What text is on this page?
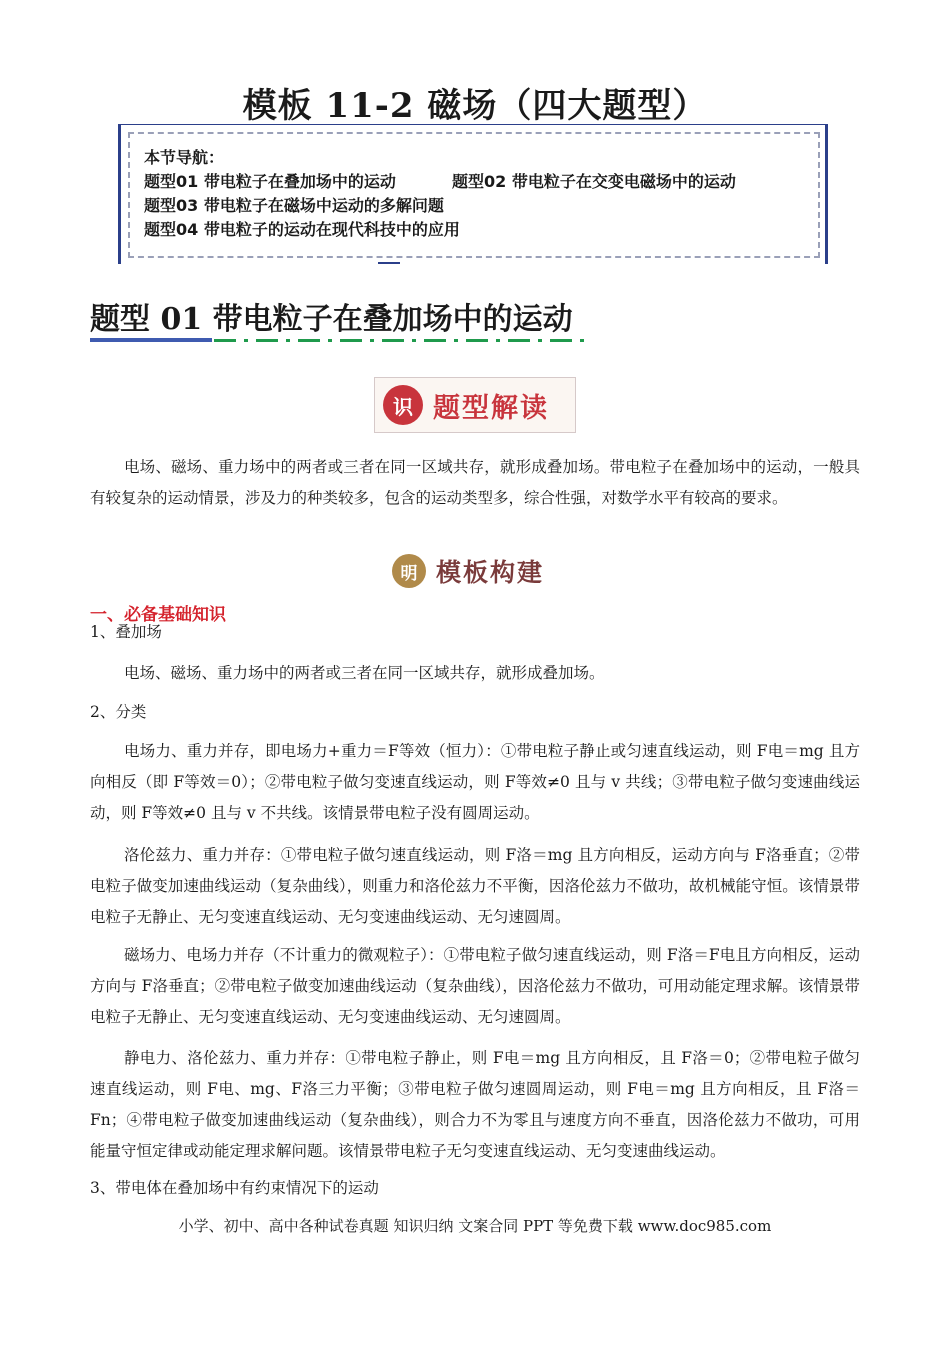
模板 11-2 磁场（四大题型）
本节导航：
题型01 带电粒子在叠加场中的运动	题型02 带电粒子在交变电磁场中的运动
题型03 带电粒子在磁场中运动的多解问题
题型04 带电粒子的运动在现代科技中的应用
题型 01 带电粒子在叠加场中的运动
识 题型解读

电场、磁场、重力场中的两者或三者在同一区域共存，就形成叠加场。带电粒子在叠加场中的运动，一般具有较复杂的运动情景，涉及力的种类较多，包含的运动类型多，综合性强，对数学水平有较高的要求。

明 模板构建
一、必备基础知识

1、叠加场

电场、磁场、重力场中的两者或三者在同一区域共存，就形成叠加场。

2、分类

电场力、重力并存，即电场力+重力＝F等效（恒力）：①带电粒子静止或匀速直线运动，则 F电＝mg 且方向相反（即 F等效＝0）；②带电粒子做匀变速直线运动，则 F等效≠0 且与 v 共线；③带电粒子做匀变速曲线运动，则 F等效≠0 且与 v 不共线。该情景带电粒子没有圆周运动。

洛伦兹力、重力并存：①带电粒子做匀速直线运动，则 F洛＝mg 且方向相反，运动方向与 F洛垂直；②带电粒子做变加速曲线运动（复杂曲线），则重力和洛伦兹力不平衡，因洛伦兹力不做功，故机械能守恒。该情景带电粒子无静止、无匀变速直线运动、无匀变速曲线运动、无匀速圆周。

磁场力、电场力并存（不计重力的微观粒子）：①带电粒子做匀速直线运动，则 F洛＝F电且方向相反，运动方向与 F洛垂直；②带电粒子做变加速曲线运动（复杂曲线），因洛伦兹力不做功，可用动能定理求解。该情景带电粒子无静止、无匀变速直线运动、无匀变速曲线运动、无匀速圆周。

静电力、洛伦兹力、重力并存：①带电粒子静止，则 F电＝mg 且方向相反，且 F洛＝0；②带电粒子做匀速直线运动，则 F电、mg、F洛三力平衡；③带电粒子做匀速圆周运动，则 F电＝mg 且方向相反，且 F洛＝Fn；④带电粒子做变加速曲线运动（复杂曲线），则合力不为零且与速度方向不垂直，因洛伦兹力不做功，可用能量守恒定律或动能定理求解问题。该情景带电粒子无匀变速直线运动、无匀变速曲线运动。

3、带电体在叠加场中有约束情况下的运动

小学、初中、高中各种试卷真题 知识归纳 文案合同 PPT 等免费下载 www.doc985.com
